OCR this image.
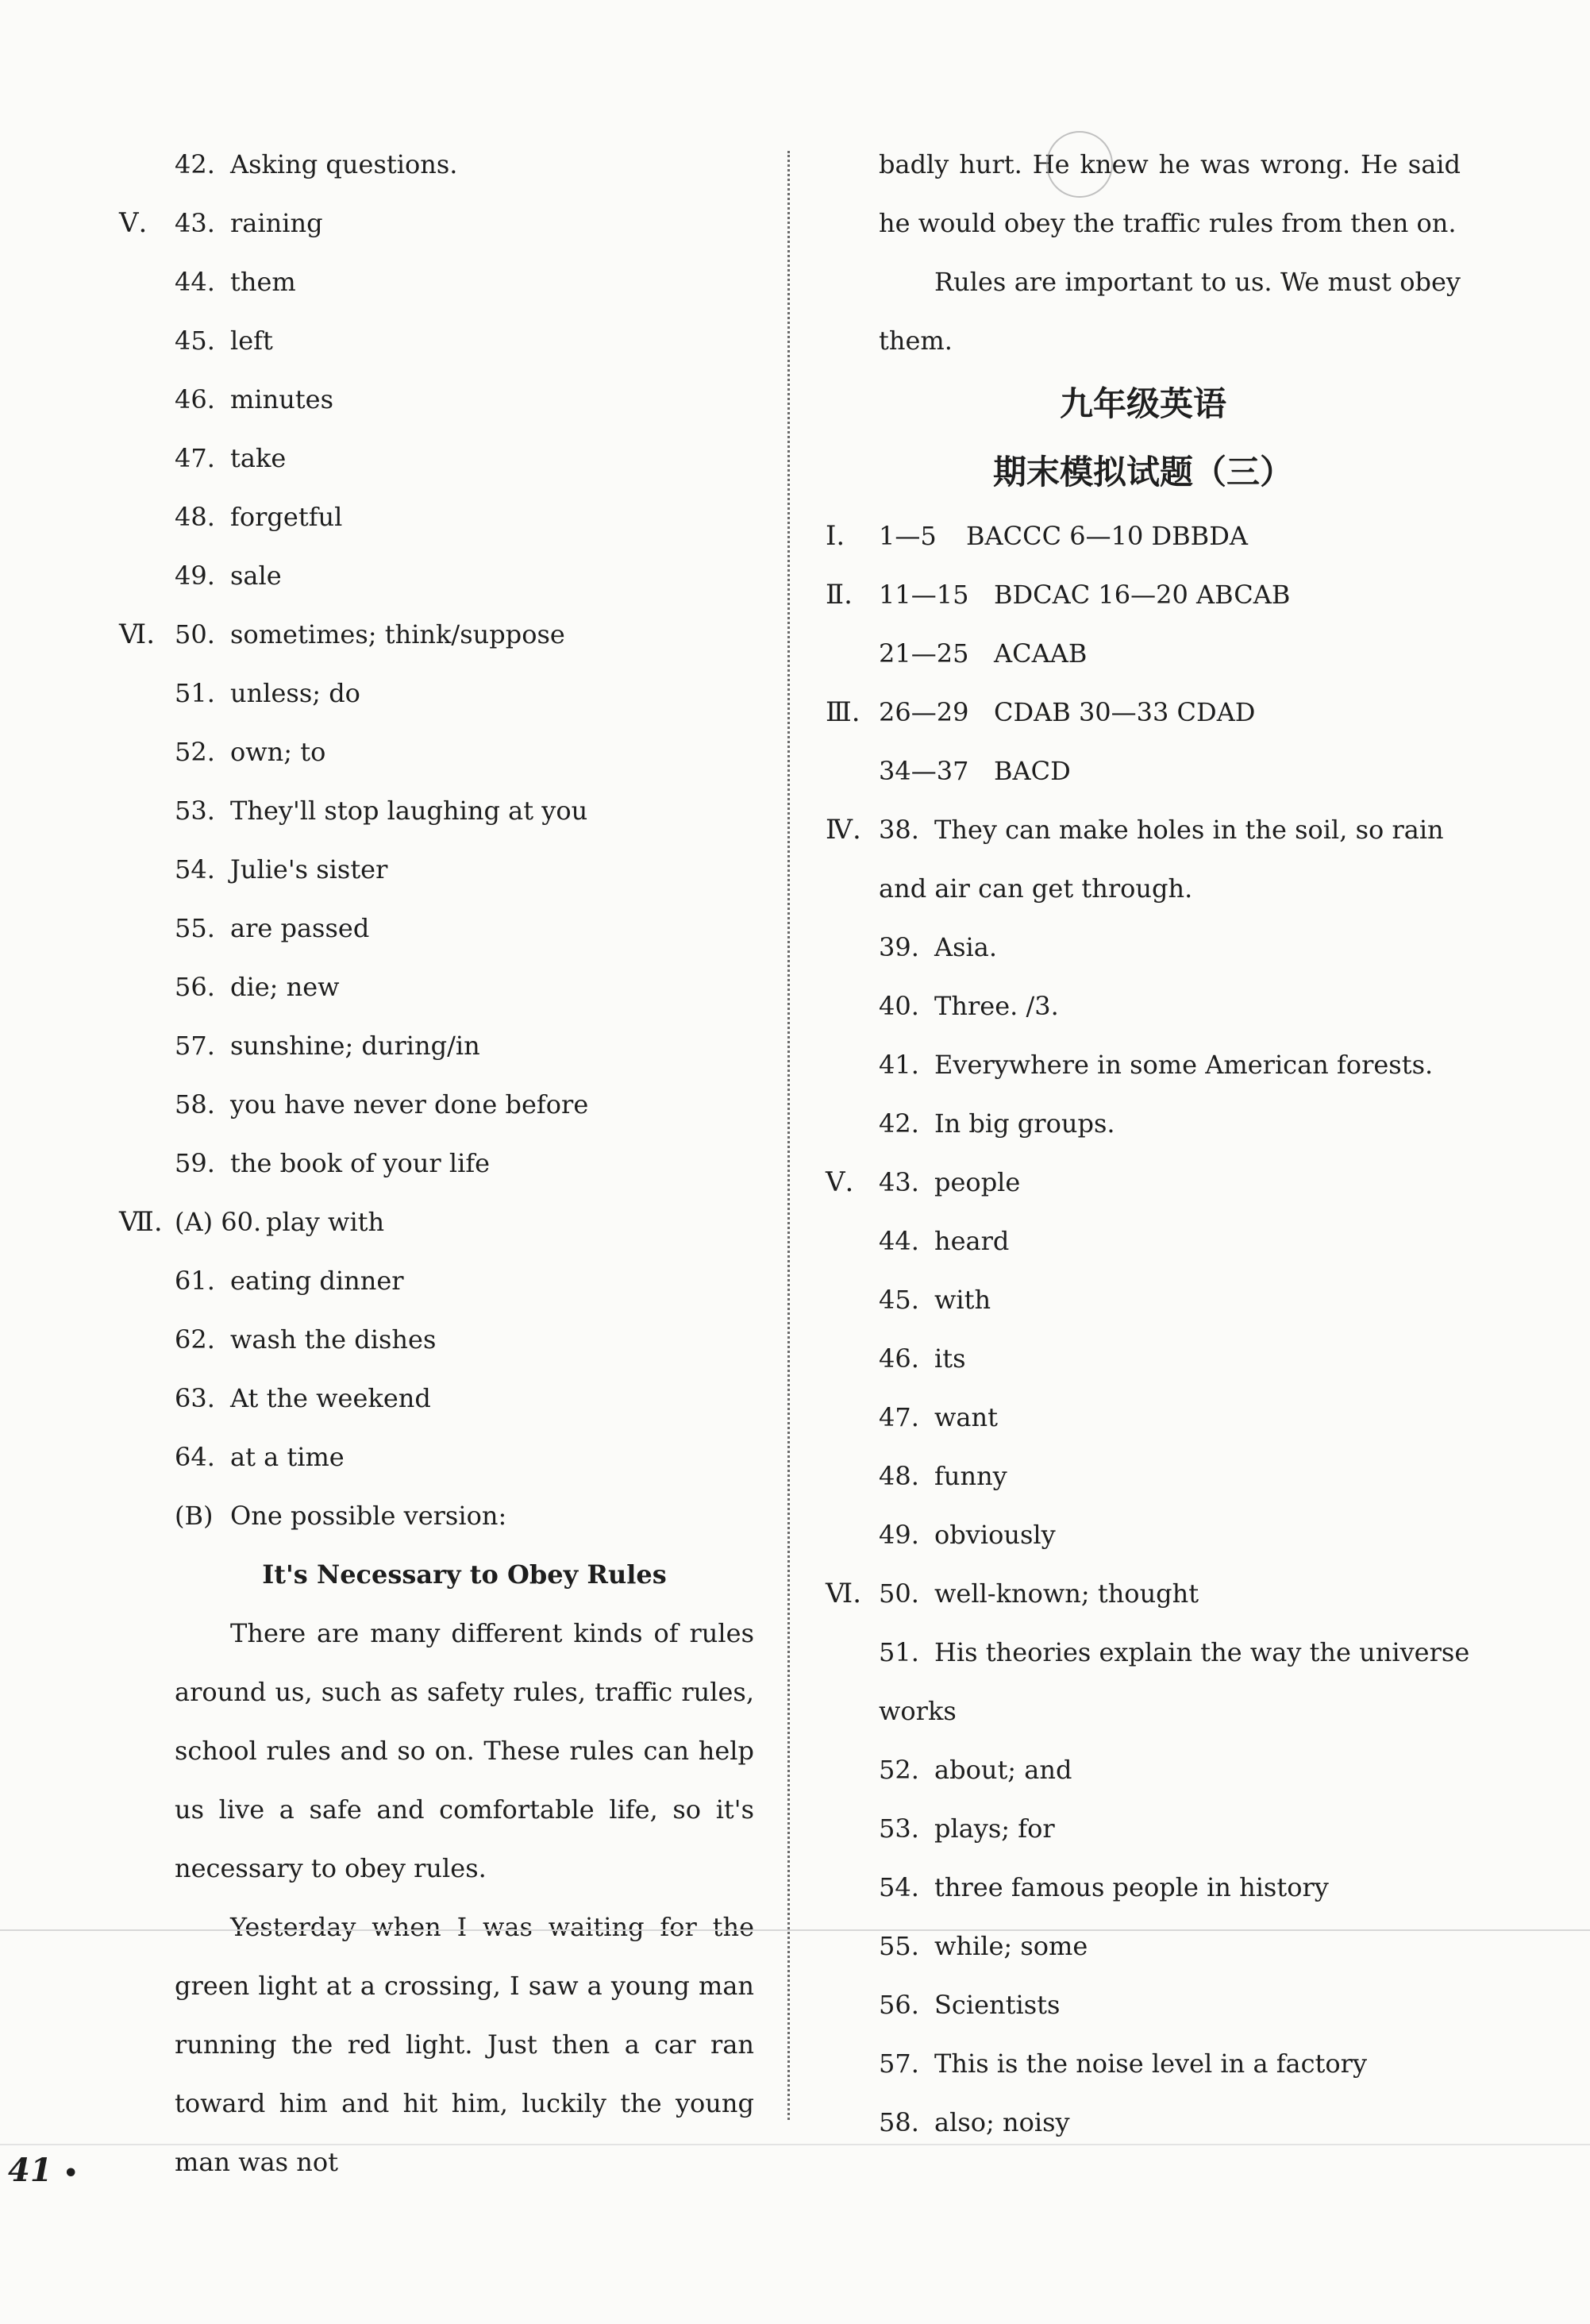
42. Asking questions.
Ⅴ. 43. raining
44. them
45. left
46. minutes
47. take
48. forgetful
49. sale
Ⅵ. 50. sometimes; think/suppose
51. unless; do
52. own; to
53. They'll stop laughing at you
54. Julie's sister
55. are passed
56. die; new
57. sunshine; during/in
58. you have never done before
59. the book of your life
Ⅶ. (A) 60. play with
61. eating dinner
62. wash the dishes
63. At the weekend
64. at a time
(B) One possible version:
It's Necessary to Obey Rules

There are many different kinds of rules around us, such as safety rules, traffic rules, school rules and so on. These rules can help us live a safe and comfortable life, so it's necessary to obey rules.

Yesterday when I was waiting for the green light at a crossing, I saw a young man running the red light. Just then a car ran toward him and hit him, luckily the young man was not

badly hurt. He knew he was wrong. He said he would obey the traffic rules from then on.

Rules are important to us. We must obey them.

九年级英语
期末模拟试题（三）
Ⅰ. 1—5 BACCC 6—10 DBBDA
Ⅱ. 11—15 BDCAC 16—20 ABCAB
21—25 ACAAB
Ⅲ. 26—29 CDAB 30—33 CDAD
34—37 BACD
Ⅳ. 38. They can make holes in the soil, so rain
and air can get through.
39. Asia.
40. Three. /3.
41. Everywhere in some American forests.
42. In big groups.
Ⅴ. 43. people
44. heard
45. with
46. its
47. want
48. funny
49. obviously
Ⅵ. 50. well-known; thought
51. His theories explain the way the universe
works
52. about; and
53. plays; for
54. three famous people in history
55. while; some
56. Scientists
57. This is the noise level in a factory
58. also; noisy
41 •
